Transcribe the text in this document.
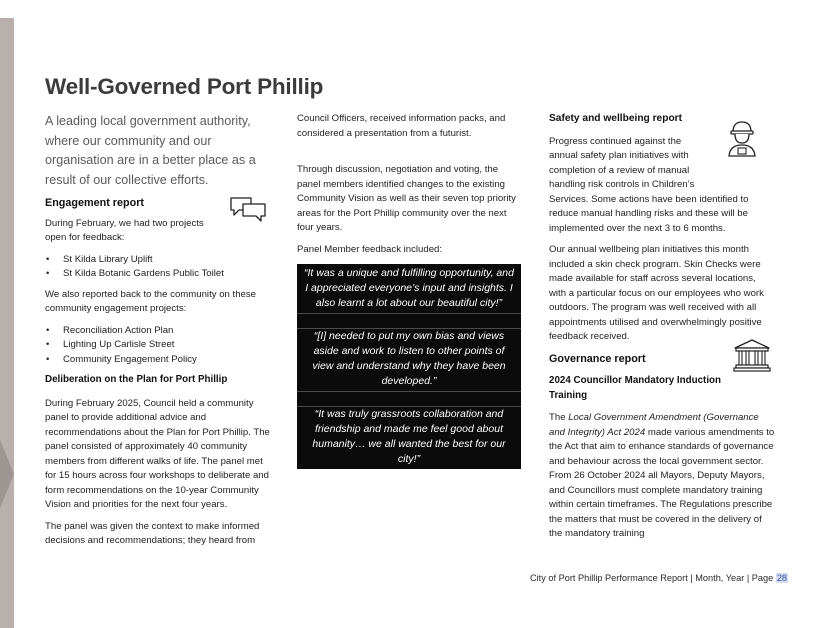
Well-Governed Port Phillip

A leading local government authority, where our community and our organisation are in a better place as a result of our collective efforts.

Engagement report

During February, we had two projects open for feedback:

• St Kilda Library Uplift
• St Kilda Botanic Gardens Public Toilet

We also reported back to the community on these community engagement projects:

• Reconciliation Action Plan
• Lighting Up Carlisle Street
• Community Engagement Policy
Deliberation on the Plan for Port Phillip

During February 2025, Council held a community panel to provide additional advice and recommendations about the Plan for Port Phillip. The panel consisted of approximately 40 community members from different walks of life. The panel met for 15 hours across four workshops to deliberate and form recommendations on the 10-year Community Vision and priorities for the next four years.

The panel was given the context to make informed decisions and recommendations; they heard from

Council Officers, received information packs, and considered a presentation from a futurist.

Through discussion, negotiation and voting, the panel members identified changes to the existing Community Vision as well as their seven top priority areas for the Port Phillip community over the next four years.

Panel Member feedback included:

“It was a unique and fulfilling opportunity, and I appreciated everyone’s input and insights. I also learnt a lot about our beautiful city!”
“[I] needed to put my own bias and views aside and work to listen to other points of view and understand why they have been developed.”
“It was truly grassroots collaboration and friendship and made me feel good about humanity… we all wanted the best for our city!”
Safety and wellbeing report

Progress continued against the annual safety plan initiatives with completion of a review of manual handling risk controls in Children’s Services. Some actions have been identified to reduce manual handling risks and these will be implemented over the next 3 to 6 months.

Our annual wellbeing plan initiatives this month included a skin check program. Skin Checks were made available for staff across several locations, with a particular focus on our employees who work outdoors. The program was well received with all appointments utilised and overwhelmingly positive feedback received.

Governance report
2024 Councillor Mandatory Induction Training

The Local Government Amendment (Governance and Integrity) Act 2024 made various amendments to the Act that aim to enhance standards of governance and behaviour across the local government sector.

From 26 October 2024 all Mayors, Deputy Mayors, and Councillors must complete mandatory training within certain timeframes. The Regulations prescribe the matters that must be covered in the delivery of the mandatory training

City of Port Phillip Performance Report | Month, Year | Page 28
